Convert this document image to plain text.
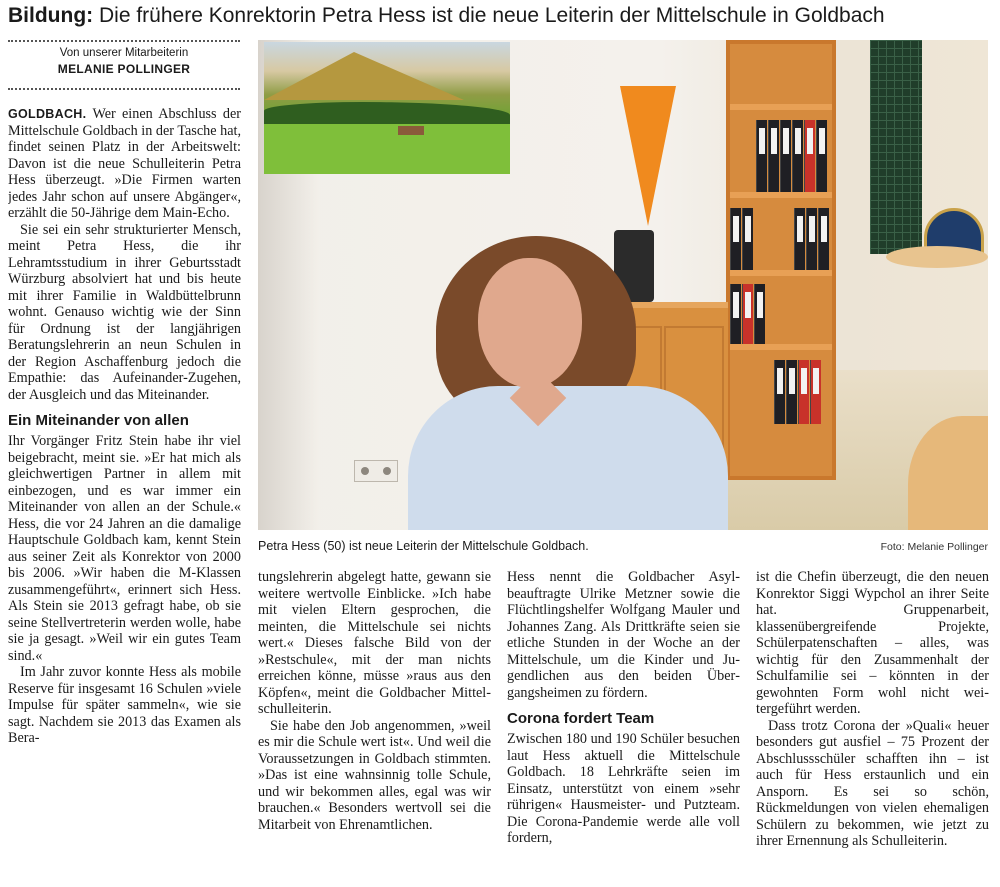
Bildung: Die frühere Konrektorin Petra Hess ist die neue Leiterin der Mittelschule in Goldbach
Von unserer Mitarbeiterin
MELANIE POLLINGER

GOLDBACH. Wer einen Abschluss der Mittelschule Goldbach in der Tasche hat, findet seinen Platz in der Arbeitswelt: Davon ist die neue Schulleiterin Petra Hess überzeugt. »Die Firmen warten jedes Jahr schon auf unsere Abgänger«, erzählt die 50-Jährige dem Main-Echo.

Sie sei ein sehr strukturierter Mensch, meint Petra Hess, die ihr Lehramtsstudium in ihrer Geburtsstadt Würzburg absolviert hat und bis heute mit ihrer Familie in Waldbüttelbrunn wohnt. Genauso wichtig wie der Sinn für Ordnung ist der langjährigen Beratungslehrerin an neun Schulen in der Region Aschaffenburg jedoch die Empathie: das Aufeinander-Zugehen, der Ausgleich und das Miteinander.

Ein Miteinander von allen

Ihr Vorgänger Fritz Stein habe ihr viel beigebracht, meint sie. »Er hat mich als gleichwertigen Partner in allem mit einbezogen, und es war immer ein Miteinander von allen an der Schule.« Hess, die vor 24 Jahren an die damalige Hauptschule Goldbach kam, kennt Stein aus seiner Zeit als Konrektor von 2000 bis 2006. »Wir haben die M-Klassen zusammengeführt«, erinnert sich Hess. Als Stein sie 2013 gefragt habe, ob sie seine Stellvertreterin werden wolle, habe sie ja gesagt. »Weil wir ein gutes Team sind.«

Im Jahr zuvor konnte Hess als mobile Reserve für insgesamt 16 Schulen »viele Impulse für später sammeln«, wie sie sagt. Nachdem sie 2013 das Examen als Bera-

Petra Hess (50) ist neue Leiterin der Mittelschule Goldbach.	Foto: Melanie Pollinger

tungslehrerin abgelegt hatte, gewann sie weitere wertvolle Einblicke. »Ich habe mit vielen Eltern gesprochen, die meinten, die Mittelschule sei nichts wert.« Dieses falsche Bild von der »Restschule«, mit der man nichts erreichen könne, müsse »raus aus den Köpfen«, meint die Goldbacher Mittelschulleiterin.

Sie habe den Job angenommen, »weil es mir die Schule wert ist«. Und weil die Voraussetzungen in Goldbach stimmten. »Das ist eine wahnsinnig tolle Schule, und wir bekommen alles, egal was wir brauchen.« Besonders wertvoll sei die Mitarbeit von Ehrenamtlichen.

Hess nennt die Goldbacher Asylbeauftragte Ulrike Metzner sowie die Flüchtlingshelfer Wolfgang Mauler und Johannes Zang. Als Drittkräfte seien sie etliche Stunden in der Woche an der Mittelschule, um die Kinder und Jugendlichen aus den beiden Übergangsheimen zu fördern.

Corona fordert Team

Zwischen 180 und 190 Schüler besuchen laut Hess aktuell die Mittelschule Goldbach. 18 Lehrkräfte seien im Einsatz, unterstützt von einem »sehr rührigen« Hausmeister- und Putzteam. Die Corona-Pandemie werde alle voll fordern,

ist die Chefin überzeugt, die den neuen Konrektor Siggi Wypchol an ihrer Seite hat. Gruppenarbeit, klassenübergreifende Projekte, Schülerpatenschaften – alles, was wichtig für den Zusammenhalt der Schulfamilie sei – könnten in der gewohnten Form wohl nicht weitergeführt werden.

Dass trotz Corona der »Quali« heuer besonders gut ausfiel – 75 Prozent der Abschlussschüler schafften ihn – ist auch für Hess erstaunlich und ein Ansporn. Es sei so schön, Rückmeldungen von vielen ehemaligen Schülern zu bekommen, wie jetzt zu ihrer Ernennung als Schulleiterin.
